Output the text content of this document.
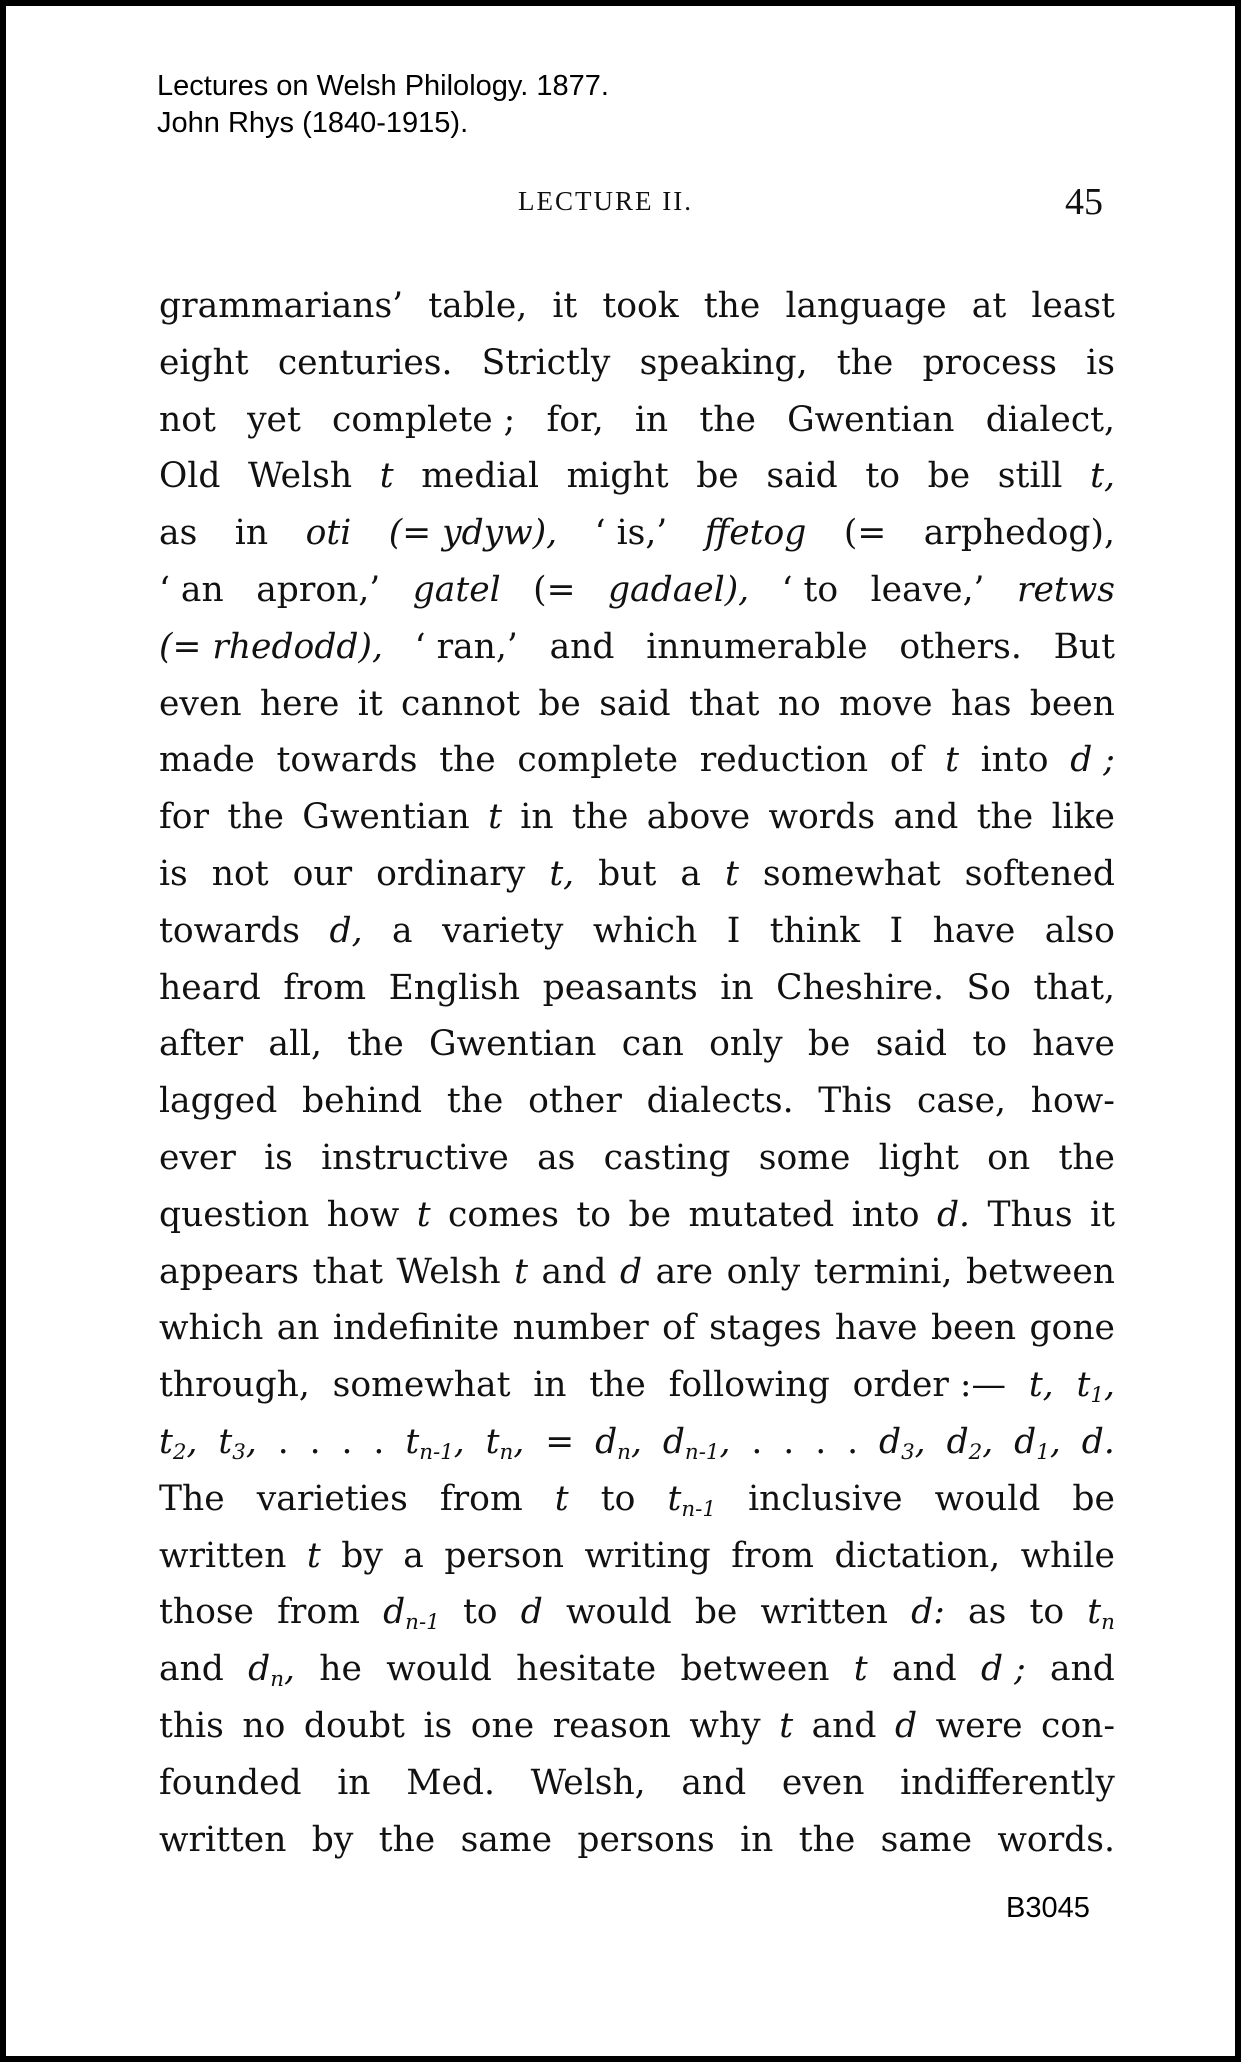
Lectures on Welsh Philology. 1877.
John Rhys (1840-1915).
LECTURE II.	45
grammarians’ table, it took the language at least
eight centuries. Strictly speaking, the process is
not yet complete ; for, in the Gwentian dialect,
Old Welsh t medial might be said to be still t,
as in oti (= ydyw), ‘ is,’ ffetog (= arphedog),
‘ an apron,’ gatel (= gadael), ‘ to leave,’ retws
(= rhedodd), ‘ ran,’ and innumerable others. But
even here it cannot be said that no move has been
made towards the complete reduction of t into d ;
for the Gwentian t in the above words and the like
is not our ordinary t, but a t somewhat softened
towards d, a variety which I think I have also
heard from English peasants in Cheshire. So that,
after all, the Gwentian can only be said to have
lagged behind the other dialects. This case, how-
ever is instructive as casting some light on the
question how t comes to be mutated into d. Thus it
appears that Welsh t and d are only termini, between
which an indefinite number of stages have been gone
through, somewhat in the following order :— t, $t_1$,
$t_2$, $t_3$, . . . . $t_{n-1}$, $t_n$, = $d_n$, $d_{n-1}$, . . . . $d_3$, $d_2$, $d_1$, d.
The varieties from t to $t_{n-1}$ inclusive would be
written t by a person writing from dictation, while
those from $d_{n-1}$ to d would be written d: as to $t_n$
and $d_n$, he would hesitate between t and d ; and
this no doubt is one reason why t and d were con-
founded in Med. Welsh, and even indifferently
written by the same persons in the same words.
B3045
